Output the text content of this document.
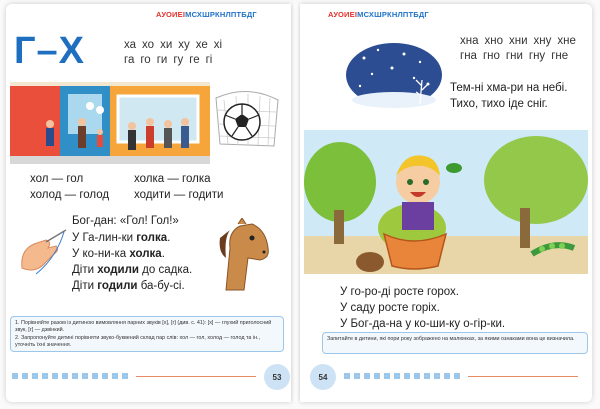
АУОИЕІМСХШРКНЛПТБДГ
Г–Х	ха хо хи ху хе хі
га го ги гу ге гі
хол — гол	холка — голка
холод — голод ходити — годити
Бог-дан: «Гол! Гол!»
У Га-лин-ки голка.
У ко-ни-ка холка.
Діти ходили до садка.
Діти годили ба-бу-сі.
1. Порівняйте разом із дитиною вимовляння парних звуків [х], [г] (див. с. 41): [х] — глухий приголосний звук, [г] — дзвінкий.
2. Запропонуйте дитині порівняти звуко-буквений склад пар слів: хол — гол, холод — голод та ін., уточніть їхні значення.
53
АУОИЕІМСХШРКНЛПТБДГ
хна хно хни хну хне
гна гно гни гну гне
Тем-ні хма-ри на небі.
Тихо, тихо іде сніг.
У го-ро-ді росте горох.
У саду росте горіх.
У Бог-да-на у ко-ши-ку о-гір-ки.
Запитайте в дитини, які пори року зображено на малюнках, за якими ознаками вона це визначила.
54
